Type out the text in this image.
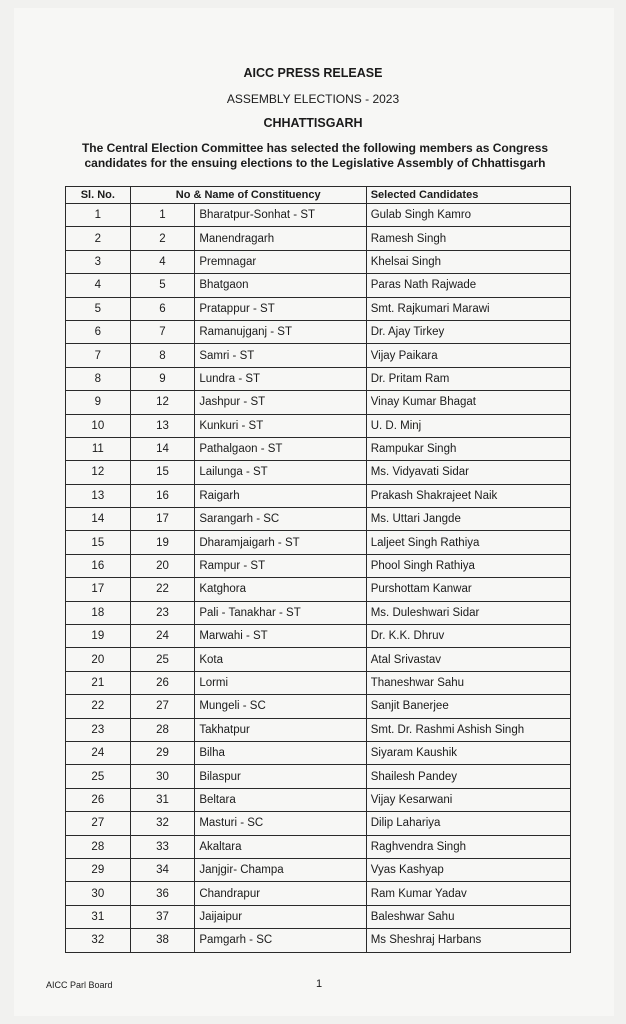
AICC PRESS RELEASE
ASSEMBLY ELECTIONS - 2023
CHHATTISGARH
The Central Election Committee has selected the following members as Congress
candidates for the ensuing elections to the Legislative Assembly of Chhattisgarh
Sl. No.	No & Name of Constituency		Selected Candidates
1	1	Bharatpur-Sonhat - ST	Gulab Singh Kamro
2	2	Manendragarh	Ramesh Singh
3	4	Premnagar	Khelsai Singh
4	5	Bhatgaon	Paras Nath Rajwade
5	6	Pratappur - ST	Smt. Rajkumari Marawi
6	7	Ramanujganj - ST	Dr. Ajay Tirkey
7	8	Samri - ST	Vijay Paikara
8	9	Lundra - ST	Dr. Pritam Ram
9	12	Jashpur - ST	Vinay Kumar Bhagat
10	13	Kunkuri - ST	U. D. Minj
11	14	Pathalgaon - ST	Rampukar Singh
12	15	Lailunga - ST	Ms. Vidyavati Sidar
13	16	Raigarh	Prakash Shakrajeet Naik
14	17	Sarangarh - SC	Ms. Uttari Jangde
15	19	Dharamjaigarh - ST	Laljeet Singh Rathiya
16	20	Rampur - ST	Phool Singh Rathiya
17	22	Katghora	Purshottam Kanwar
18	23	Pali - Tanakhar - ST	Ms. Duleshwari Sidar
19	24	Marwahi - ST	Dr. K.K. Dhruv
20	25	Kota	Atal Srivastav
21	26	Lormi	Thaneshwar Sahu
22	27	Mungeli - SC	Sanjit Banerjee
23	28	Takhatpur	Smt. Dr. Rashmi Ashish Singh
24	29	Bilha	Siyaram Kaushik
25	30	Bilaspur	Shailesh Pandey
26	31	Beltara	Vijay Kesarwani
27	32	Masturi - SC	Dilip Lahariya
28	33	Akaltara	Raghvendra Singh
29	34	Janjgir- Champa	Vyas Kashyap
30	36	Chandrapur	Ram Kumar Yadav
31	37	Jaijaipur	Baleshwar Sahu
32	38	Pamgarh - SC	Ms Sheshraj Harbans
AICC Parl Board	1
